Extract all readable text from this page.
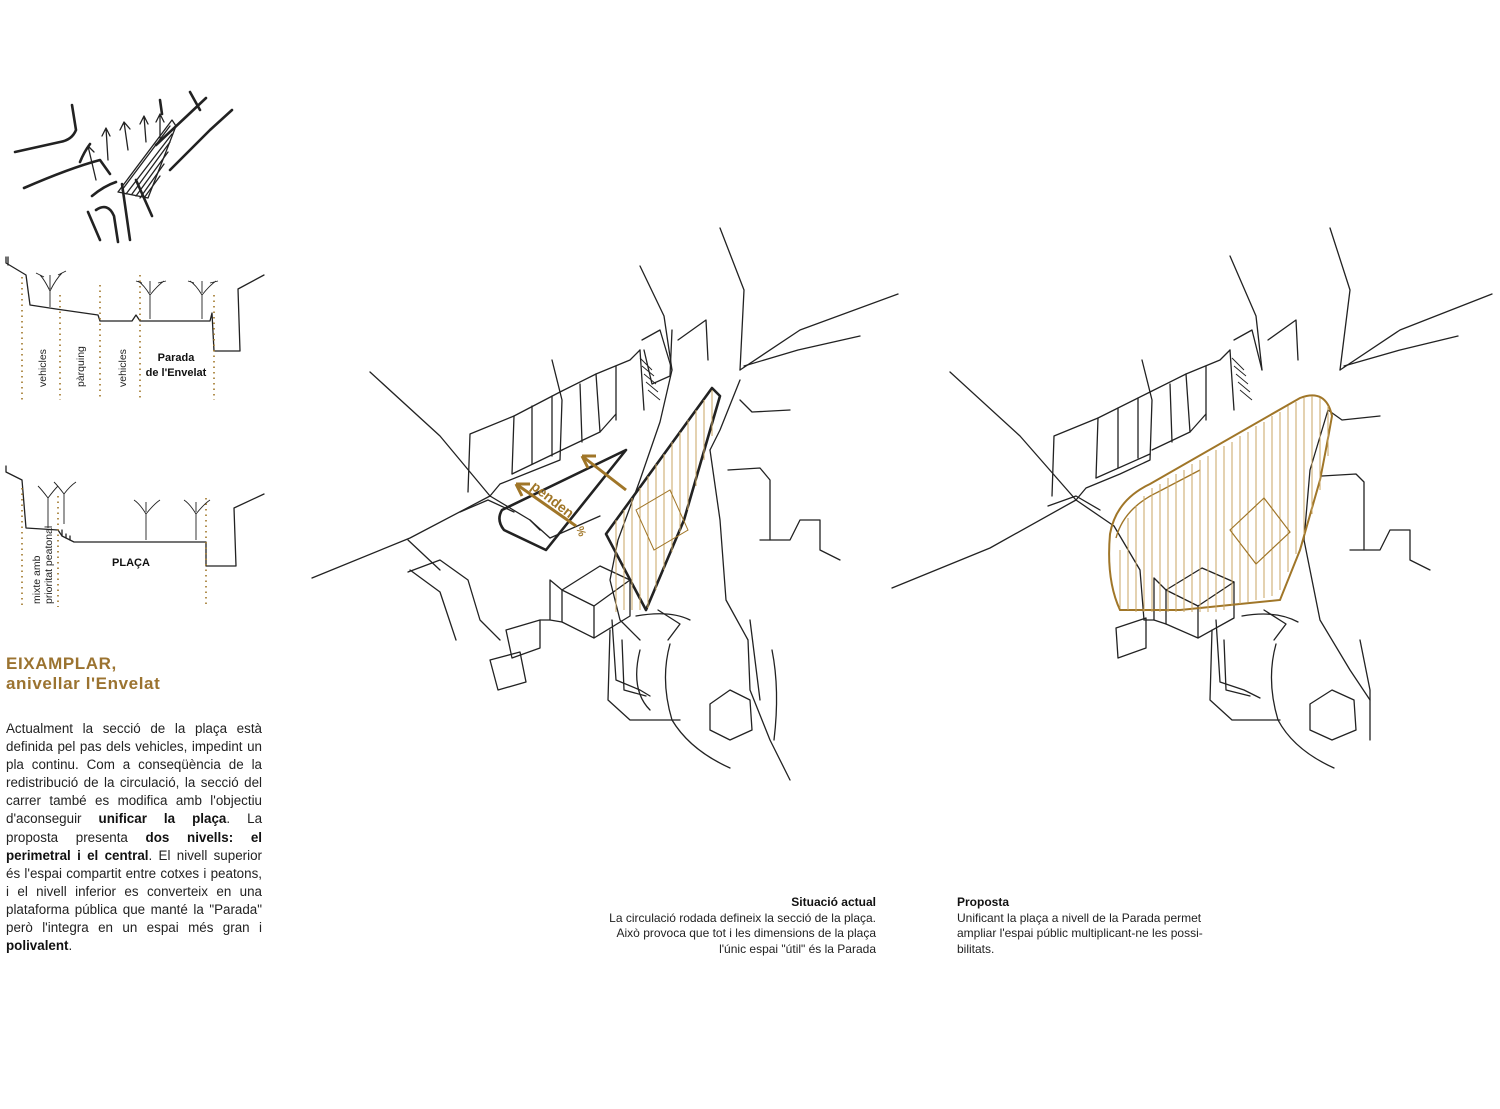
vehicles pàrquing	vehicles	Parada
de l'Envelat
mixte amb prioritat peatonal	PLAÇA
EIXAMPLAR,
anivellar l'Envelat
Actualment la secció de la plaça està definida pel pas dels vehicles, impedint un pla continu. Com a conseqüència de la redistribució de la circulació, la secció del carrer també es modifica amb l'objectiu d'aconseguir unificar la plaça. La proposta presenta dos nivells: el perimetral i el central. El nivell superior és l'espai compartit entre cotxes i peatons, i el nivell inferior es converteix en una plataforma pública que manté la "Parada" però l'integra en un espai més gran i polivalent.
penden
%
Situació actual
La circulació rodada defineix la secció de la plaça.
Això provoca que tot i les dimensions de la plaça
l'únic espai "útil" és la Parada
Proposta
Unificant la plaça a nivell de la Parada permet
ampliar l'espai públic multiplicant-ne les possi-
bilitats.
